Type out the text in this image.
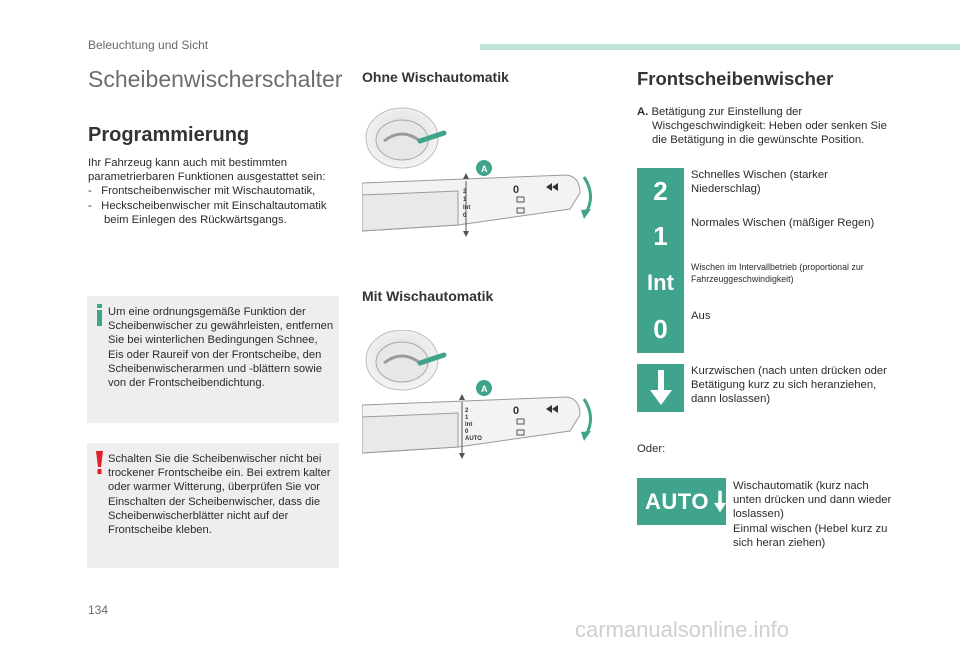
Beleuchtung und Sicht
Scheibenwischerschalter
Programmierung
Ihr Fahrzeug kann auch mit bestimmten parametrierbaren Funktionen ausgestattet sein:
-   Frontscheibenwischer mit Wischautomatik,
-   Heckscheibenwischer mit Einschaltautomatik beim Einlegen des Rückwärtsgangs.
Um eine ordnungsgemäße Funktion der Scheibenwischer zu gewährleisten, entfernen Sie bei winterlichen Bedingungen Schnee, Eis oder Raureif von der Frontscheibe, den Scheibenwischerarmen und -blättern sowie von der Frontscheibendichtung.
Schalten Sie die Scheibenwischer nicht bei trockener Frontscheibe ein. Bei extrem kalter oder warmer Witterung, überprüfen Sie vor Einschalten der Scheibenwischer, dass die Scheibenwischerblätter nicht auf der Frontscheibe kleben.
Ohne Wischautomatik
2
1
Int
0
0
A
Mit Wischautomatik
2
1
Int
0
AUTO
0
A
Frontscheibenwischer
A. Betätigung zur Einstellung der Wischgeschwindigkeit: Heben oder senken Sie die Betätigung in die gewünschte Position.
2
Schnelles Wischen (starker Niederschlag)
1	Normales Wischen (mäßiger Regen)
Int
Wischen im Intervallbetrieb (proportional zur Fahrzeuggeschwindigkeit)
0	Aus
Kurzwischen (nach unten drücken oder Betätigung kurz zu sich heranziehen, dann loslassen)
Oder:
AUTO
Wischautomatik (kurz nach unten drücken und dann wieder loslassen)
Einmal wischen (Hebel kurz zu sich heran ziehen)
134
carmanualsonline.info
